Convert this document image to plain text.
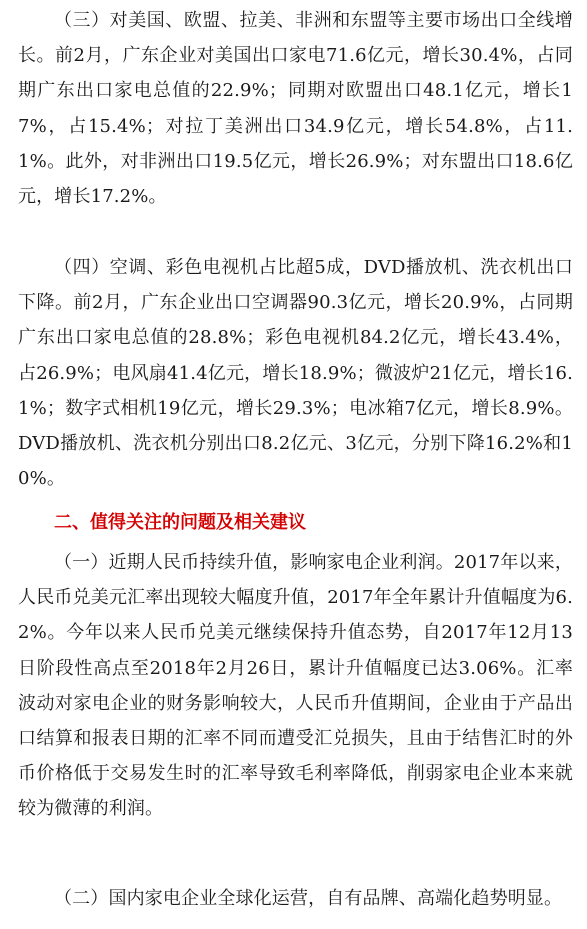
（三）对美国、欧盟、拉美、非洲和东盟等主要市场出口全线增长。前2月，广东企业对美国出口家电71.6亿元，增长30.4%，占同期广东出口家电总值的22.9%；同期对欧盟出口48.1亿元，增长17%，占15.4%；对拉丁美洲出口34.9亿元，增长54.8%，占11.1%。此外，对非洲出口19.5亿元，增长26.9%；对东盟出口18.6亿元，增长17.2%。

（四）空调、彩色电视机占比超5成，DVD播放机、洗衣机出口下降。前2月，广东企业出口空调器90.3亿元，增长20.9%，占同期广东出口家电总值的28.8%；彩色电视机84.2亿元，增长43.4%，占26.9%；电风扇41.4亿元，增长18.9%；微波炉21亿元，增长16.1%；数字式相机19亿元，增长29.3%；电冰箱7亿元，增长8.9%。DVD播放机、洗衣机分别出口8.2亿元、3亿元，分别下降16.2%和10%。

二、值得关注的问题及相关建议

（一）近期人民币持续升值，影响家电企业利润。2017年以来，人民币兑美元汇率出现较大幅度升值，2017年全年累计升值幅度为6.2%。今年以来人民币兑美元继续保持升值态势，自2017年12月13日阶段性高点至2018年2月26日，累计升值幅度已达3.06%。汇率波动对家电企业的财务影响较大，人民币升值期间，企业由于产品出口结算和报表日期的汇率不同而遭受汇兑损失，且由于结售汇时的外币价格低于交易发生时的汇率导致毛利率降低，削弱家电企业本来就较为微薄的利润。

（二）国内家电企业全球化运营，自有品牌、高端化趋势明显。
